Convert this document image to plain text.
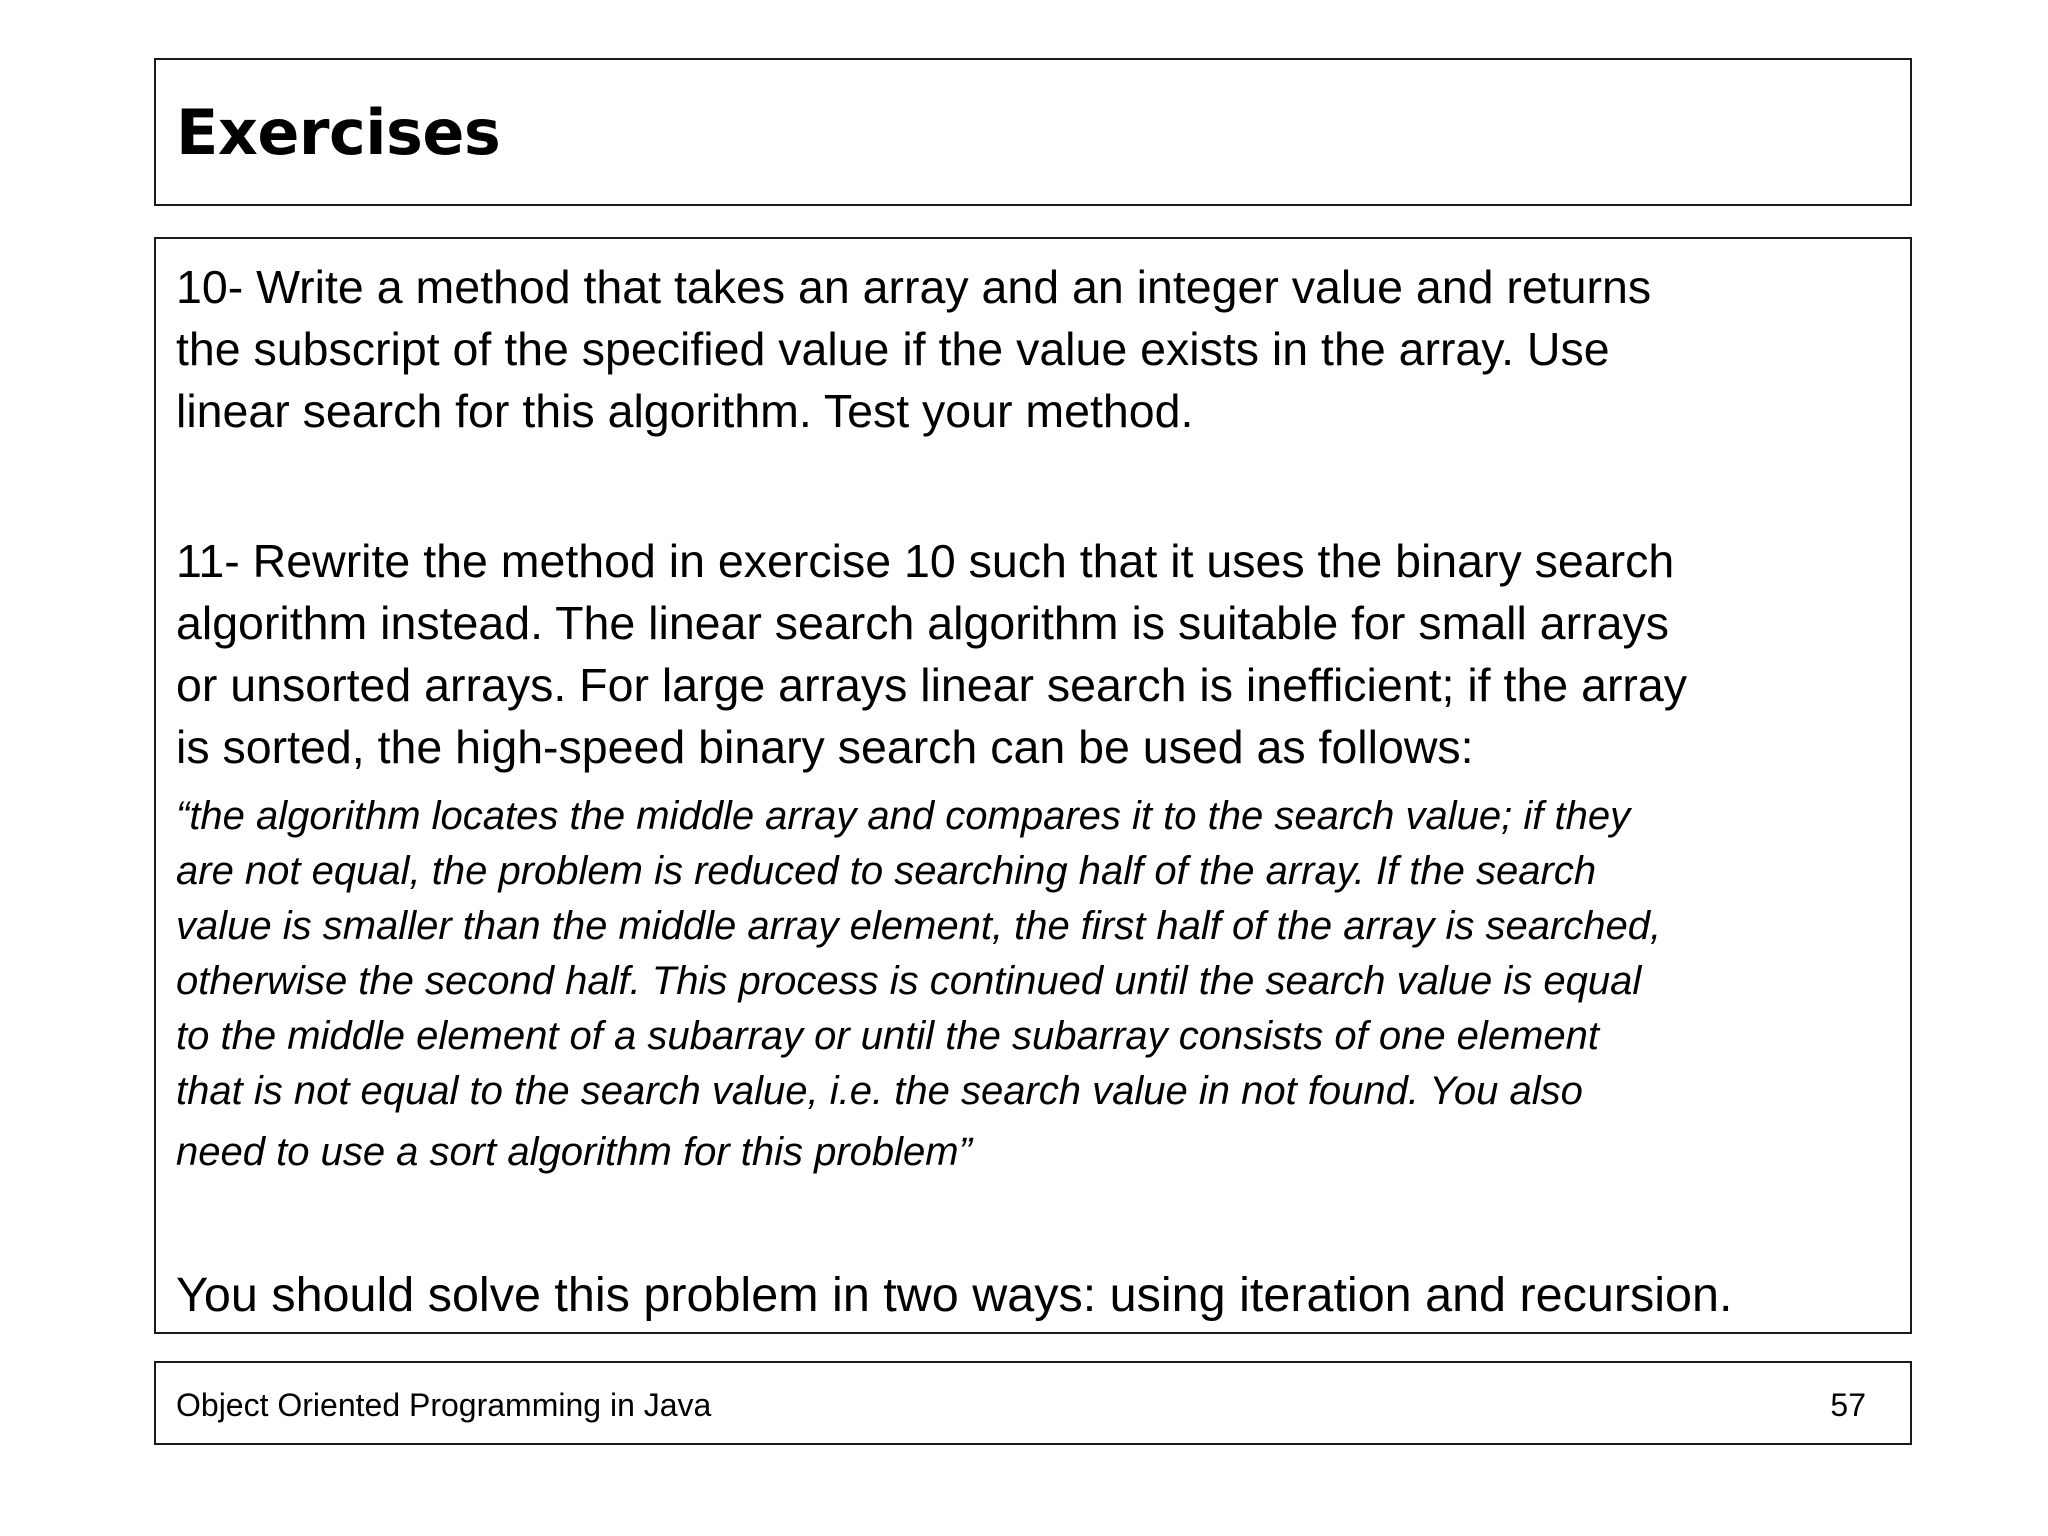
Exercises

10- Write a method that takes an array and an integer value and returns

the subscript of the specified value if the value exists in the array. Use

linear search for this algorithm. Test your method.

11- Rewrite the method in exercise 10 such that it uses the binary search

algorithm instead. The linear search algorithm is suitable for small arrays

or unsorted arrays. For large arrays linear search is inefficient; if the array

is sorted, the high-speed binary search can be used as follows:

“the algorithm locates the middle array and compares it to the search value; if they

are not equal, the problem is reduced to searching half of the array. If the search

value is smaller than the middle array element, the first half of the array is searched,

otherwise the second half. This process is continued until the search value is equal

to the middle element of a subarray or until the subarray consists of one element

that is not equal to the search value, i.e. the search value in not found. You also

need to use a sort algorithm for this problem”

You should solve this problem in two ways: using iteration and recursion.

Object Oriented Programming in Java	57
